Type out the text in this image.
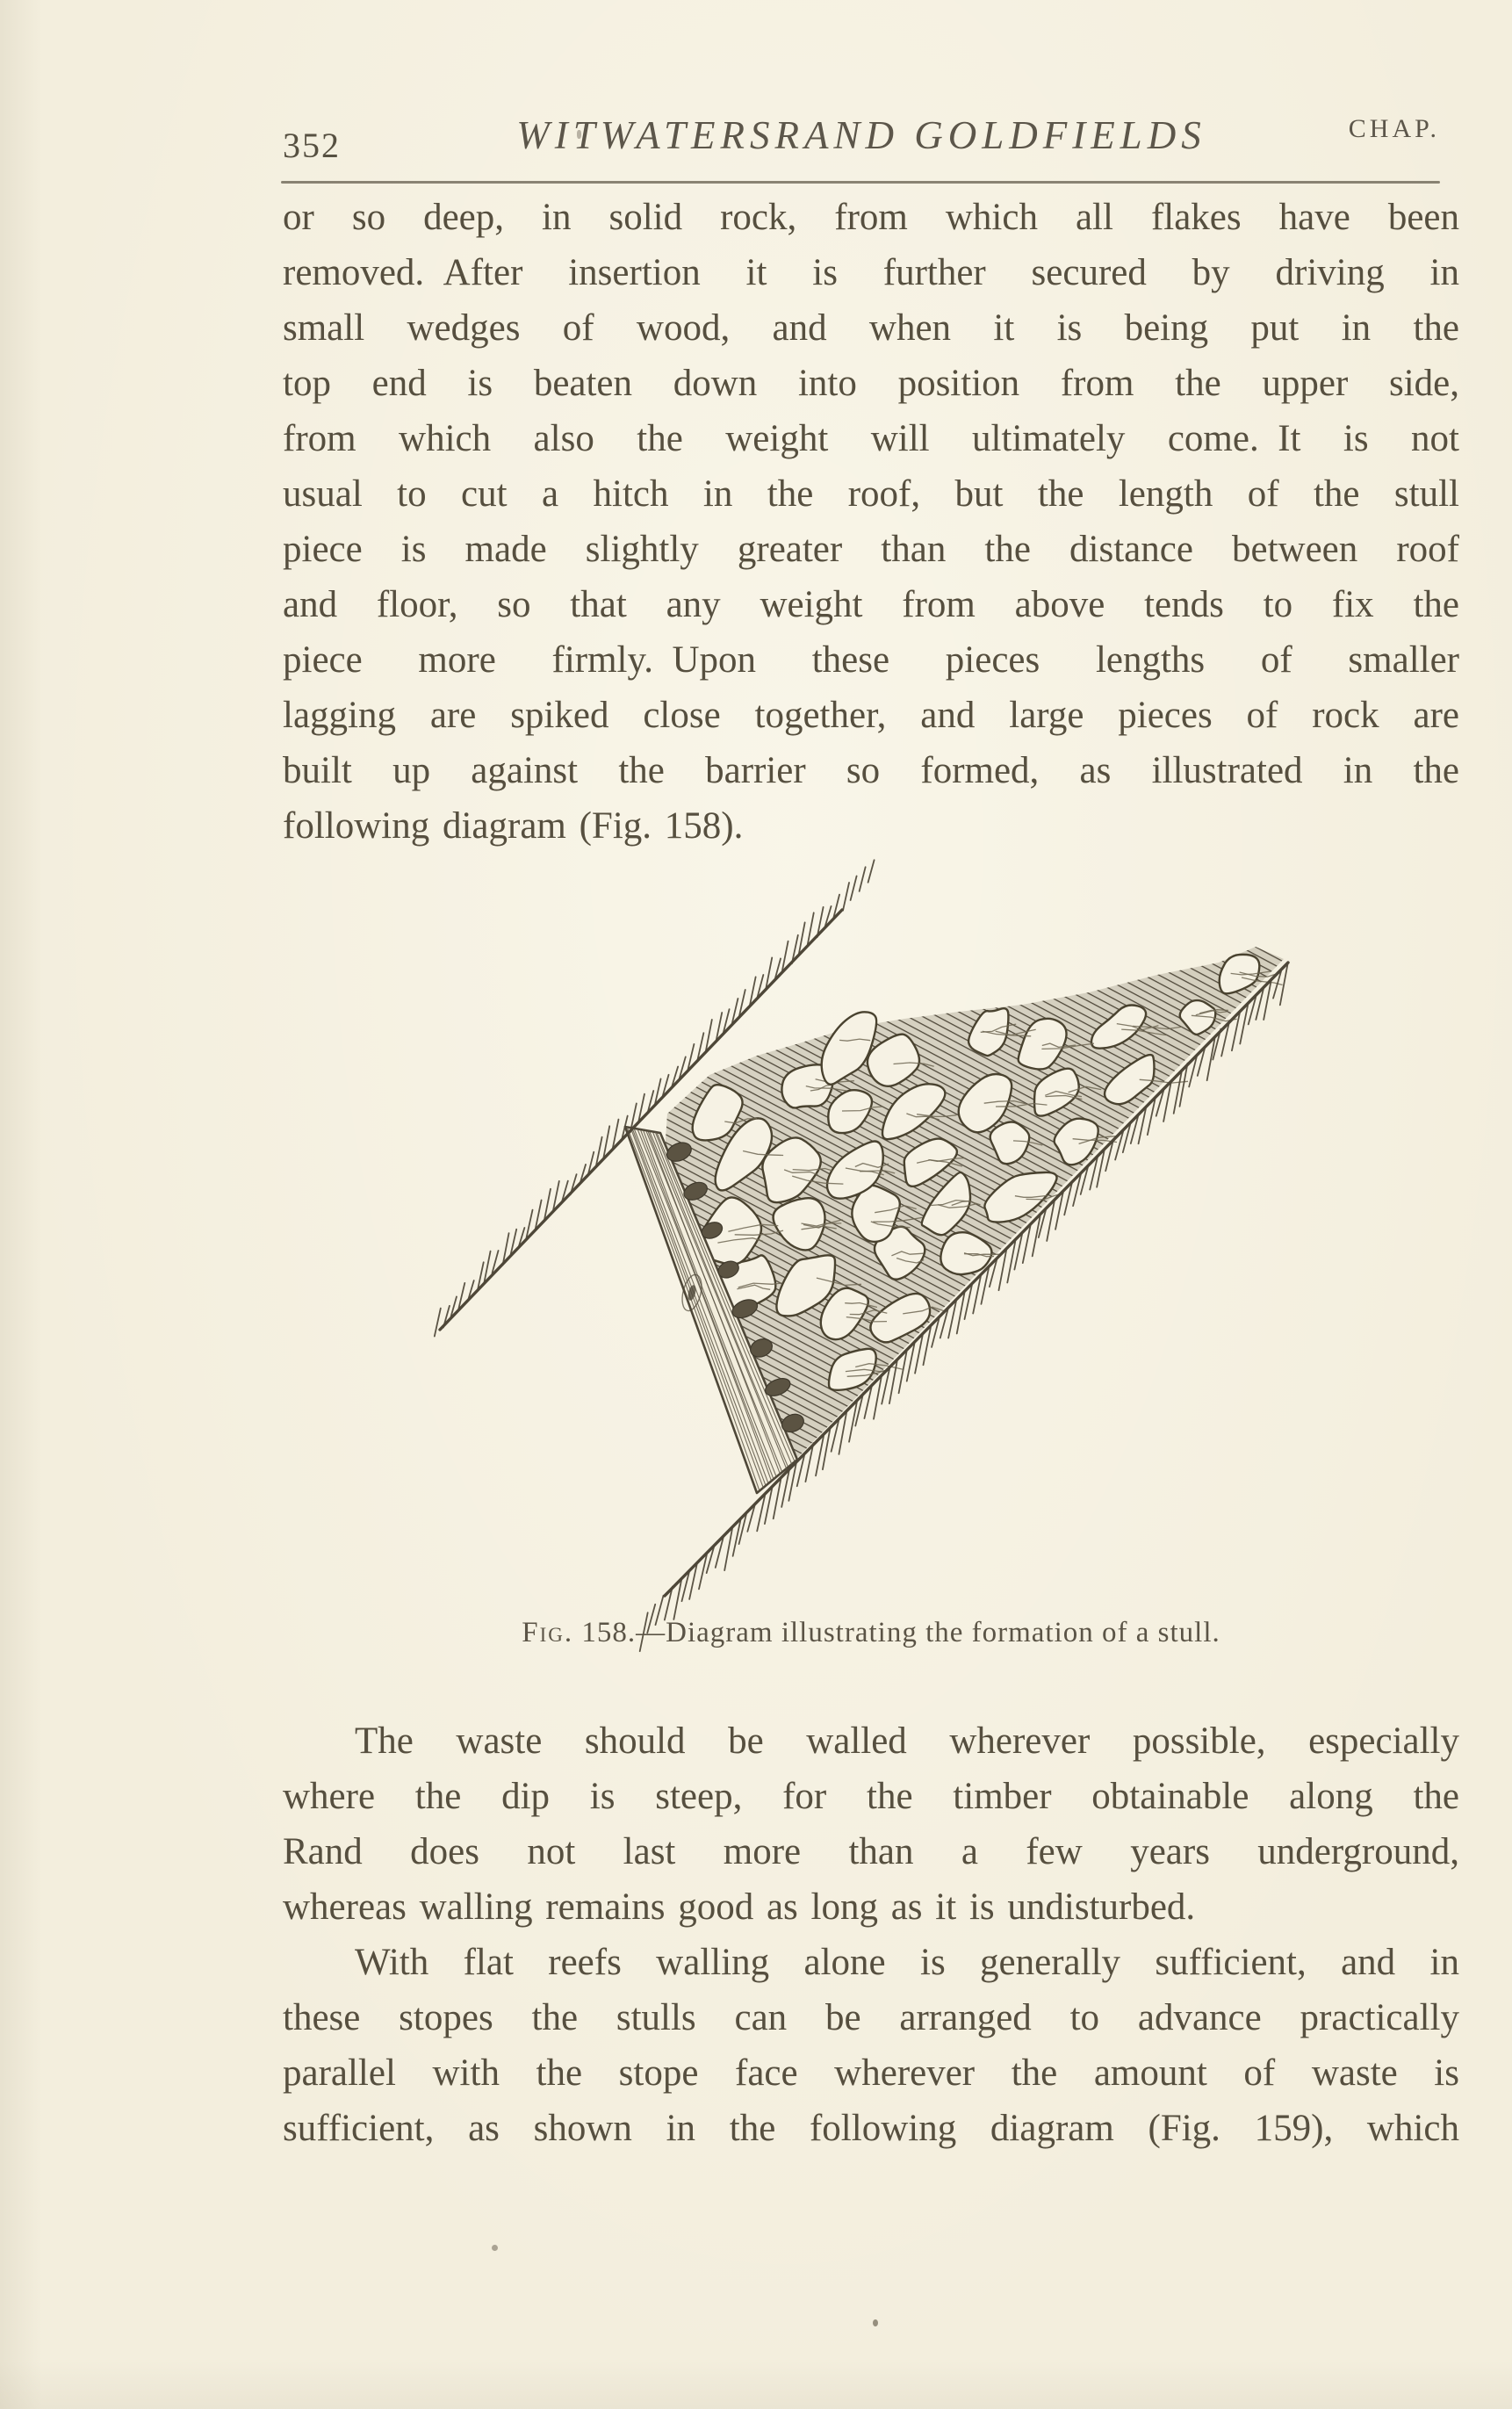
352	WITWATERSRAND GOLDFIELDS	CHAP.
or so deep, in solid rock, from which all flakes have been
removed. After insertion it is further secured by driving in
small wedges of wood, and when it is being put in the
top end is beaten down into position from the upper side,
from which also the weight will ultimately come. It is not
usual to cut a hitch in the roof, but the length of the stull
piece is made slightly greater than the distance between roof
and floor, so that any weight from above tends to fix the
piece more firmly. Upon these pieces lengths of smaller
lagging are spiked close together, and large pieces of rock are
built up against the barrier so formed, as illustrated in the
following diagram (Fig. 158).
Fig. 158.—Diagram illustrating the formation of a stull.
The waste should be walled wherever possible, especially
where the dip is steep, for the timber obtainable along the
Rand does not last more than a few years underground,
whereas walling remains good as long as it is undisturbed.
With flat reefs walling alone is generally sufficient, and in
these stopes the stulls can be arranged to advance practically
parallel with the stope face wherever the amount of waste is
sufficient, as shown in the following diagram (Fig. 159), which
